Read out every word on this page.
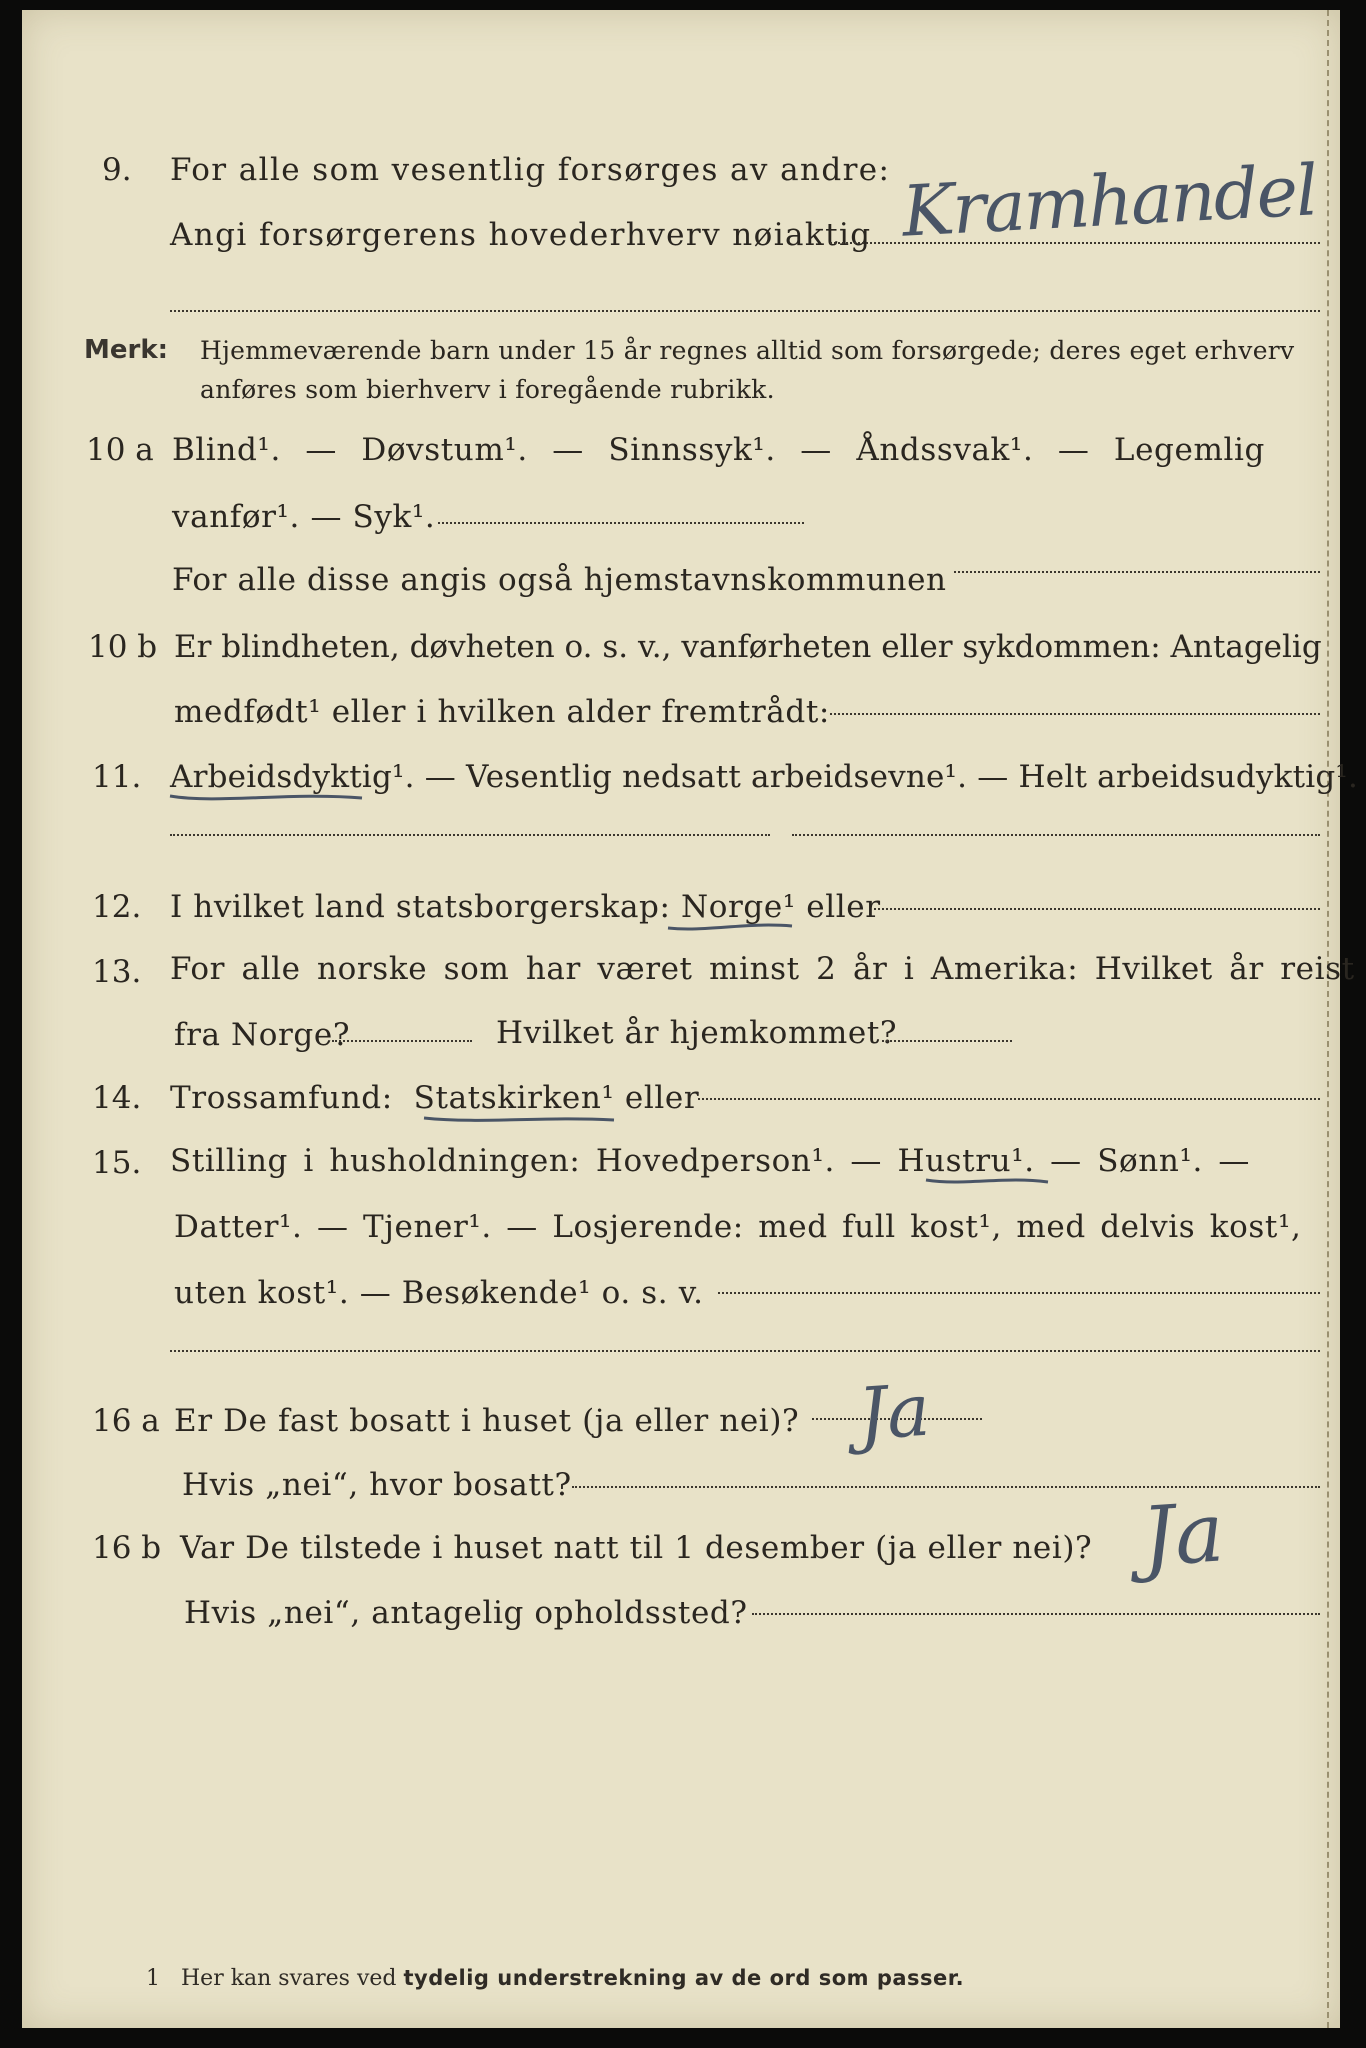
9. For alle som vesentlig forsørges av andre:
Angi forsørgerens hovederhverv nøiaktig Kramhandel
Merk: Hjemmeværende barn under 15 år regnes alltid som forsørgede; deres eget erhverv
anføres som bierhverv i foregående rubrikk.
10 a Blind¹. — Døvstum¹. — Sinnssyk¹. — Åndssvak¹. — Legemlig
vanfør¹. — Syk¹.
For alle disse angis også hjemstavnskommunen
10 b Er blindheten, døvheten o. s. v., vanførheten eller sykdommen: Antagelig
medfødt¹ eller i hvilken alder fremtrådt:
11. Arbeidsdyktig¹. — Vesentlig nedsatt arbeidsevne¹. — Helt arbeidsudyktig¹.
12. I hvilket land statsborgerskap: Norge¹ eller
13. For alle norske som har været minst 2 år i Amerika: Hvilket år reist
fra Norge?	Hvilket år hjemkommet?
14. Trossamfund: Statskirken¹ eller
15. Stilling i husholdningen: Hovedperson¹. — Hustru¹. — Sønn¹. —
Datter¹. — Tjener¹. — Losjerende: med full kost¹, med delvis kost¹,
uten kost¹. — Besøkende¹ o. s. v.
16 a Er De fast bosatt i huset (ja eller nei)? Ja
Hvis „nei“, hvor bosatt?
16 b Var De tilstede i huset natt til 1 desember (ja eller nei)? Ja
Hvis „nei“, antagelig opholdssted?
1 Her kan svares ved tydelig understrekning av de ord som passer.
